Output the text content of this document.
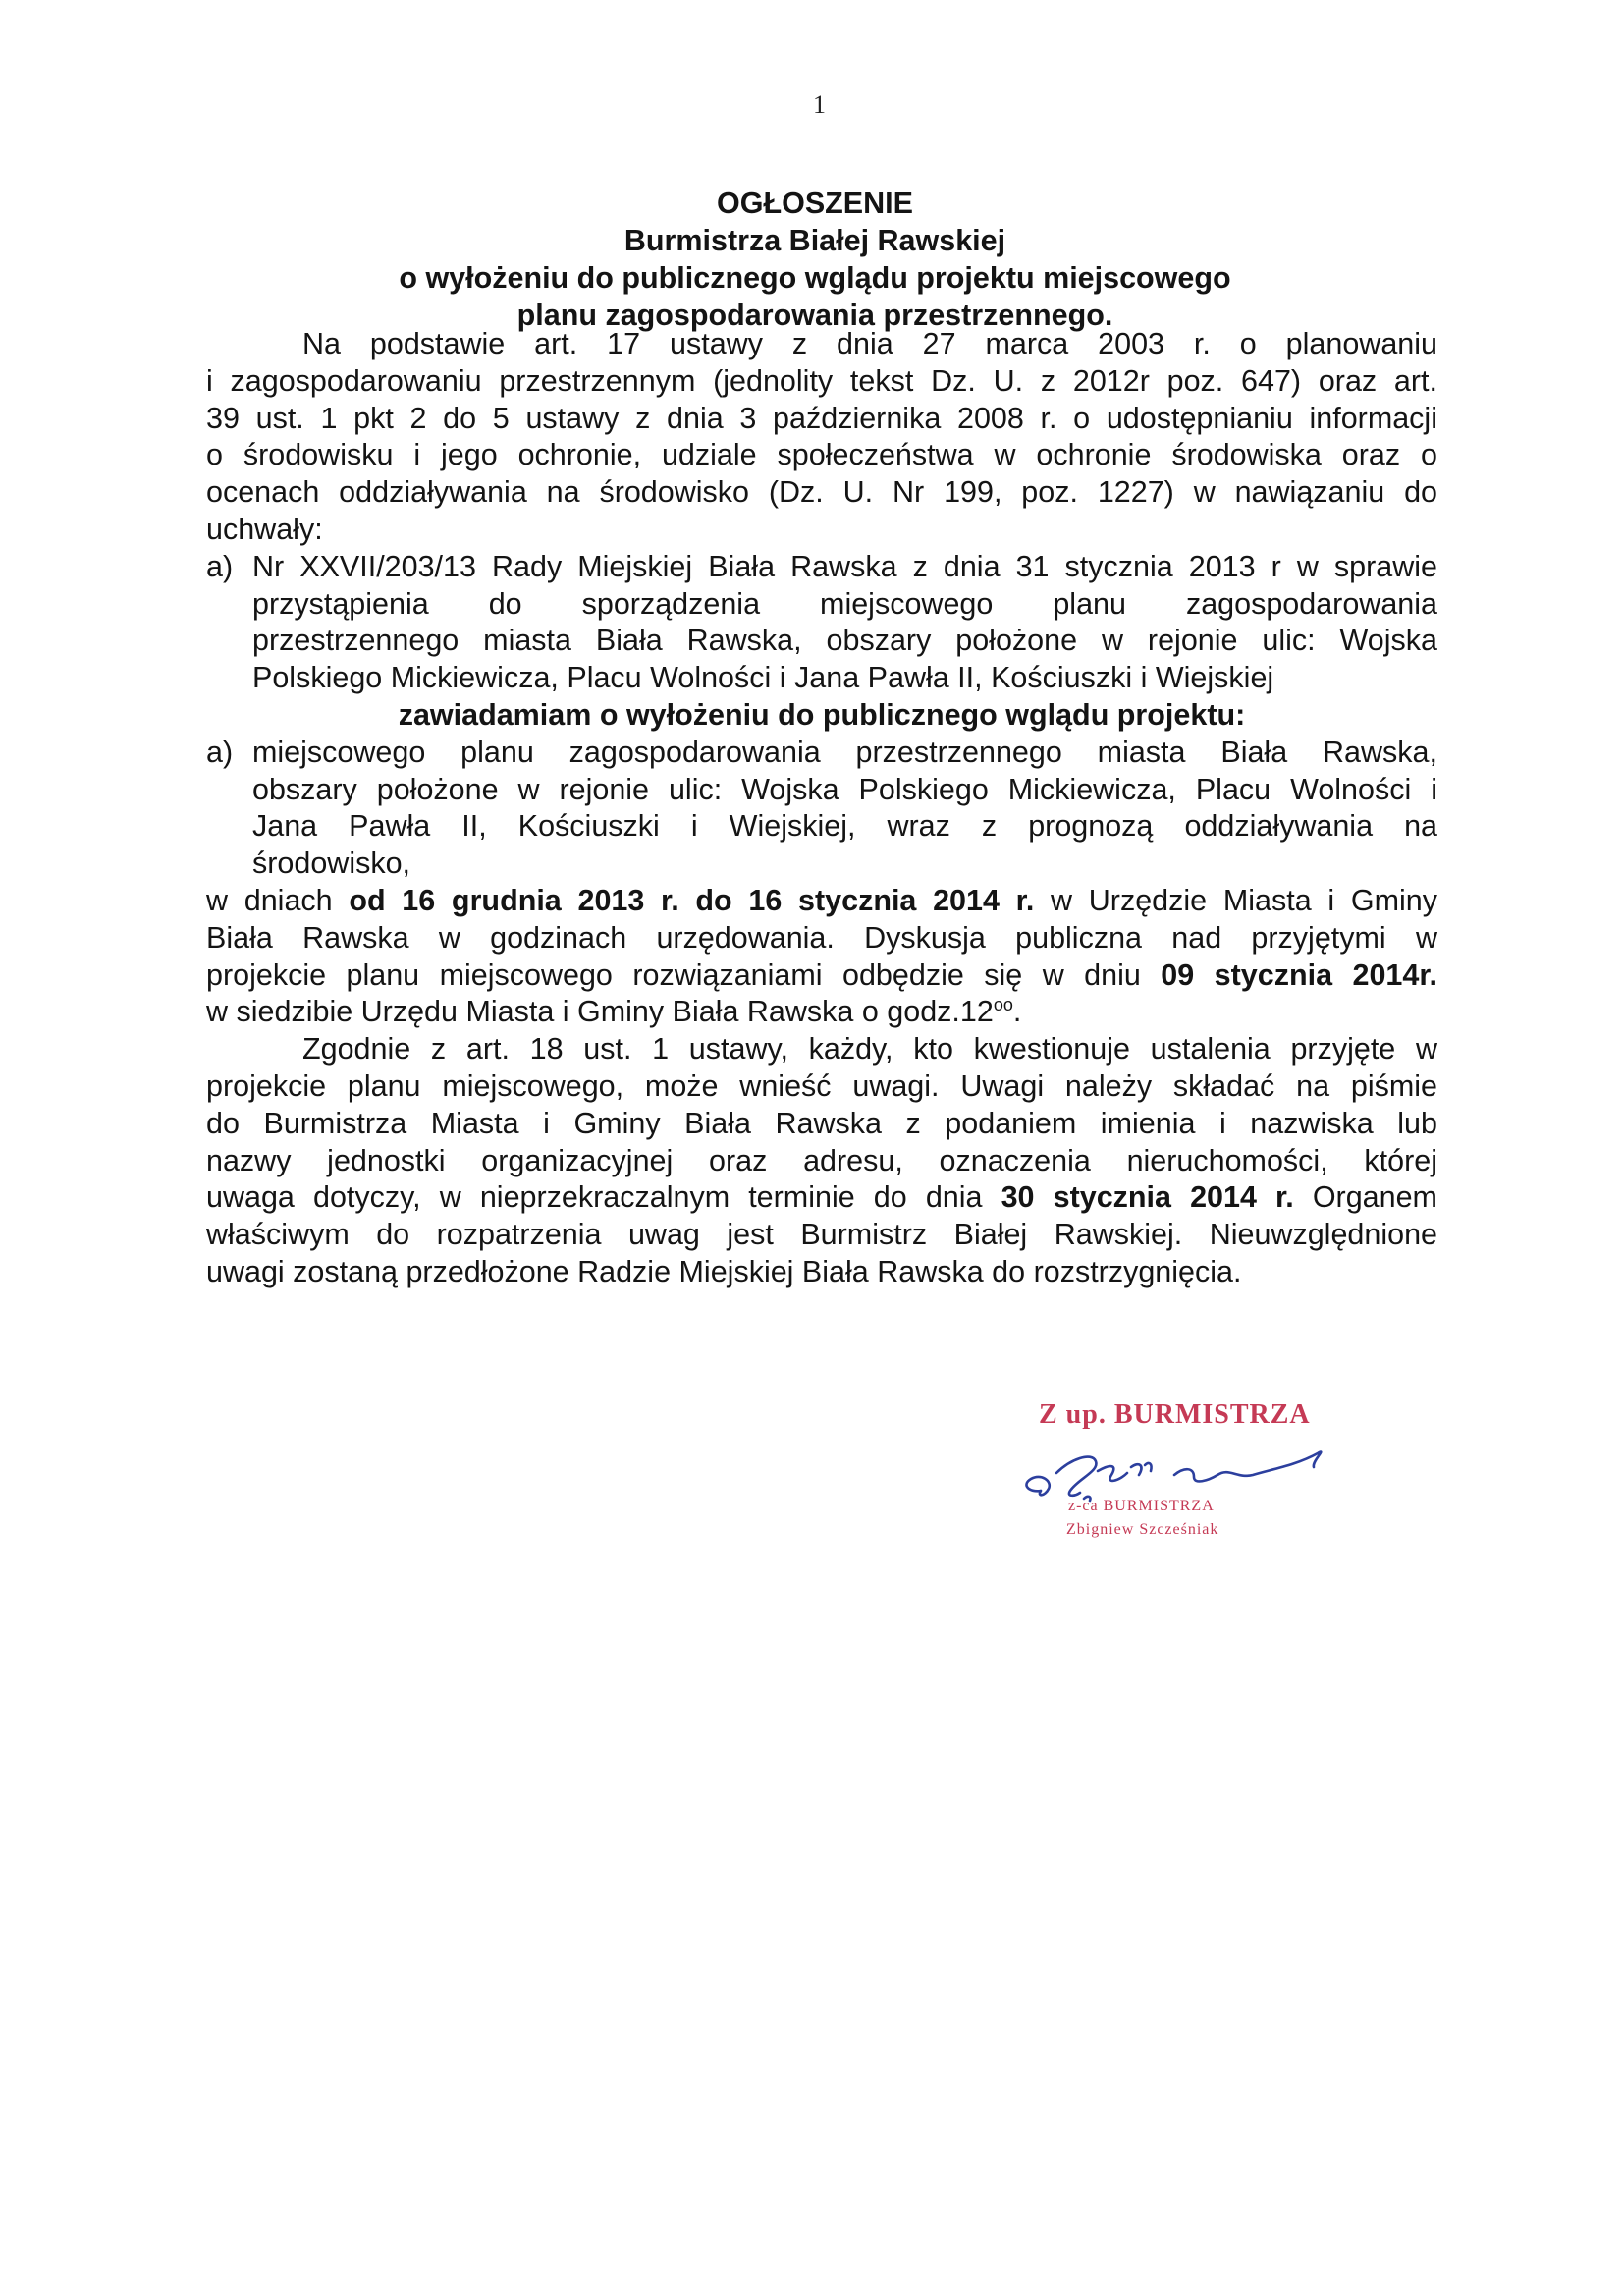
1
OGŁOSZENIE
Burmistrza Białej Rawskiej
o wyłożeniu do publicznego wglądu projektu miejscowego
planu zagospodarowania przestrzennego.

Na podstawie art. 17 ustawy z dnia 27 marca 2003 r. o planowaniu

i zagospodarowaniu przestrzennym (jednolity tekst Dz. U. z 2012r poz. 647) oraz art.

39 ust. 1 pkt 2 do 5 ustawy z dnia 3 października 2008 r. o udostępnianiu informacji

o środowisku i jego ochronie, udziale społeczeństwa w ochronie środowiska oraz o

ocenach oddziaływania na środowisko (Dz. U. Nr 199, poz. 1227) w nawiązaniu do

uchwały:

a) Nr XXVII/203/13 Rady Miejskiej Biała Rawska z dnia 31 stycznia 2013 r w sprawie
przystąpienia do sporządzenia miejscowego planu zagospodarowania
przestrzennego miasta Biała Rawska, obszary położone w rejonie ulic: Wojska
Polskiego Mickiewicza, Placu Wolności i Jana Pawła II, Kościuszki i Wiejskiej

zawiadamiam o wyłożeniu do publicznego wglądu projektu:

a) miejscowego planu zagospodarowania przestrzennego miasta Biała Rawska,
obszary położone w rejonie ulic: Wojska Polskiego Mickiewicza, Placu Wolności i
Jana Pawła II, Kościuszki i Wiejskiej, wraz z prognozą oddziaływania na
środowisko,

w dniach od 16 grudnia 2013 r. do 16 stycznia 2014 r. w Urzędzie Miasta i Gminy

Biała Rawska w godzinach urzędowania. Dyskusja publiczna nad przyjętymi w

projekcie planu miejscowego rozwiązaniami odbędzie się w dniu 09 stycznia 2014r.

w siedzibie Urzędu Miasta i Gminy Biała Rawska o $godz.12^{oo}$.

Zgodnie z art. 18 ust. 1 ustawy, każdy, kto kwestionuje ustalenia przyjęte w

projekcie planu miejscowego, może wnieść uwagi. Uwagi należy składać na piśmie

do Burmistrza Miasta i Gminy Biała Rawska z podaniem imienia i nazwiska lub

nazwy jednostki organizacyjnej oraz adresu, oznaczenia nieruchomości, której

uwaga dotyczy, w nieprzekraczalnym terminie do dnia 30 stycznia 2014 r. Organem

właściwym do rozpatrzenia uwag jest Burmistrz Białej Rawskiej. Nieuwzględnione

uwagi zostaną przedłożone Radzie Miejskiej Biała Rawska do rozstrzygnięcia.

Z up. BURMISTRZA
z-ca BURMISTRZA
Zbigniew Szcześniak
